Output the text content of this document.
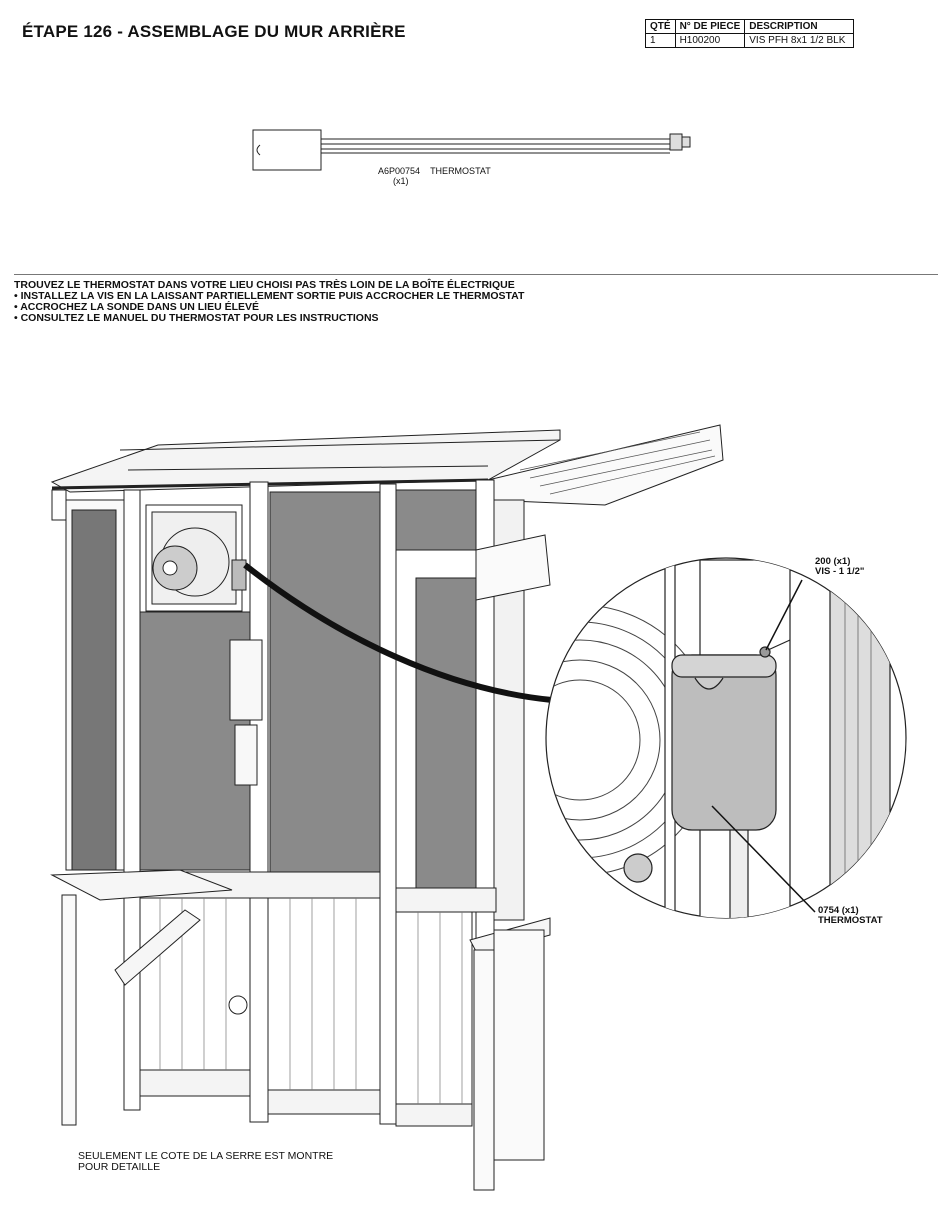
ÉTAPE 126 - ASSEMBLAGE DU MUR ARRIÈRE	QTÉ	N° DE PIECE	DESCRIPTION
1	H100200	VIS PFH 8x1 1/2 BLK
A6P00754 THERMOSTAT
(x1)
TROUVEZ LE THERMOSTAT DANS VOTRE LIEU CHOISI PAS TRÈS LOIN DE LA BOÎTE ÉLECTRIQUE
• INSTALLEZ LA VIS EN LA LAISSANT PARTIELLEMENT SORTIE PUIS ACCROCHER LE THERMOSTAT
• ACCROCHEZ LA SONDE DANS UN LIEU ÉLEVÉ
• CONSULTEZ LE MANUEL DU THERMOSTAT POUR LES INSTRUCTIONS
200 (x1)
VIS - 1 1/2"
0754 (x1)
THERMOSTAT
SEULEMENT LE COTE DE LA SERRE EST MONTRE
POUR DETAILLE
